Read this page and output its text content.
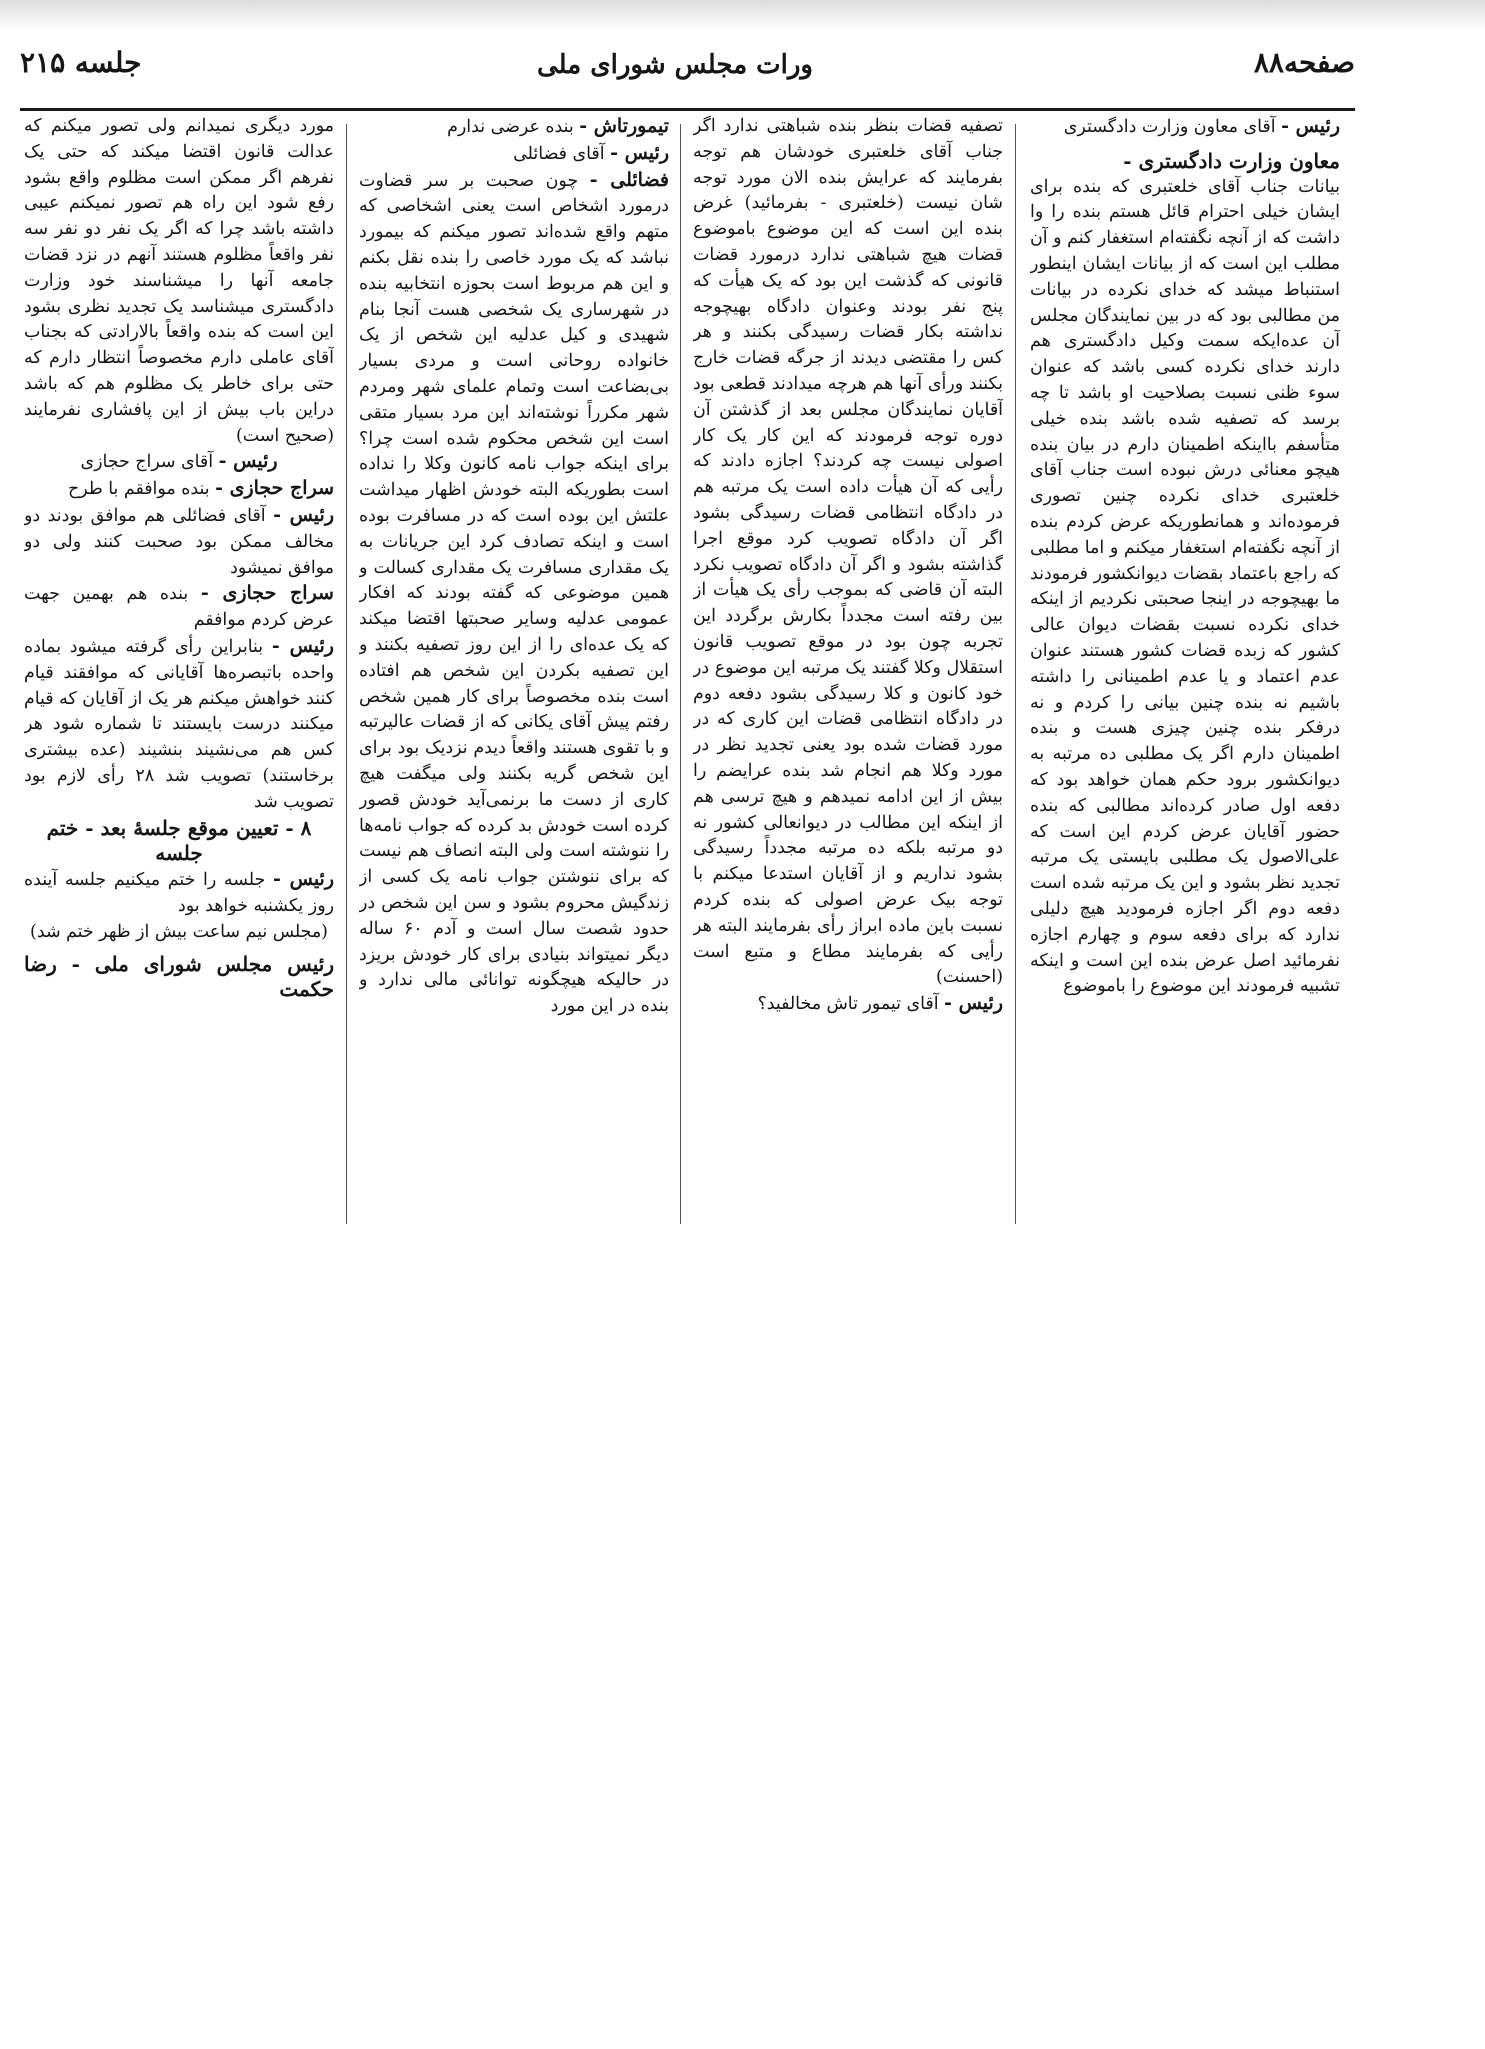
صفحه۸۸
ورات مجلس شورای ملی
جلسه ۲۱۵
رئیس - آقای معاون وزارت دادگستری
معاون وزارت دادگستری -
بیانات جناب آقای خلعتبری که بنده برای ایشان خیلی احترام قائل هستم بنده را وا داشت که از آنچه نگفته‌ام استغفار کنم و آن مطلب این است که از بیانات ایشان اینطور استنباط میشد که خدای نکرده در بیانات من مطالبی بود که در بین نمایندگان مجلس آن عده‌ایکه سمت وکیل دادگستری هم دارند خدای نکرده کسی باشد که عنوان سوء ظنی نسبت بصلاحیت او باشد تا چه برسد که تصفیه شده باشد بنده خیلی متأسفم بااینکه اطمینان دارم در بیان بنده هیچو معنائی درش نبوده است جناب آقای خلعتبری خدای نکرده چنین تصوری فرموده‌اند و همانطوریکه عرض کردم بنده از آنچه نگفته‌ام استغفار میکنم و اما مطلبی که راجع باعتماد بقضات دیوانکشور فرمودند ما بهیچوجه در اینجا صحبتی نکردیم از اینکه خدای نکرده نسبت بقضات دیوان عالی کشور که زبده قضات کشور هستند عنوان عدم اعتماد و یا عدم اطمینانی را داشته باشیم نه بنده چنین بیانی را کردم و نه درفکر بنده چنین چیزی هست و بنده اطمینان دارم اگر یک مطلبی ده مرتبه به دیوانکشور برود حکم همان خواهد بود که دفعه اول صادر کرده‌اند مطالبی که بنده حضور آقایان عرض کردم این است که علی‌الاصول یک مطلبی بایستی یک مرتبه تجدید نظر بشود و این یک مرتبه شده است دفعه دوم اگر اجازه فرمودید هیچ دلیلی ندارد که برای دفعه سوم و چهارم اجازه نفرمائید اصل عرض بنده این است و اینکه تشبیه فرمودند این موضوع را باموضوع
تصفیه قضات بنظر بنده شباهتی ندارد اگر جناب آقای خلعتبری خودشان هم توجه بفرمایند که عرایش بنده الان مورد توجه شان نیست (خلعتبری - بفرمائید) غرض بنده این است که این موضوع باموضوع قضات هیچ شباهتی ندارد درمورد قضات قانونی که گذشت این بود که یک هیأت که پنج نفر بودند وعنوان دادگاه بهیچوجه نداشته بکار قضات رسیدگی بکنند و هر کس را مقتضی دیدند از جرگه قضات خارج بکنند ورأی آنها هم هرچه میدادند قطعی بود آقایان نمایندگان مجلس بعد از گذشتن آن دوره توجه فرمودند که این کار یک کار اصولی نیست چه کردند؟ اجازه دادند که رأیی که آن هیأت داده است یک مرتبه هم در دادگاه انتظامی قضات رسیدگی بشود اگر آن دادگاه تصویب کرد موقع اجرا گذاشته بشود و اگر آن دادگاه تصویب نکرد البته آن قاضی که بموجب رأی یک هیأت از بین رفته است مجدداً بکارش برگردد این تجربه چون بود در موقع تصویب قانون استقلال وکلا گفتند یک مرتبه این موضوع در خود کانون و کلا رسیدگی بشود دفعه دوم در دادگاه انتظامی قضات این کاری که در مورد قضات شده بود یعنی تجدید نظر در مورد وکلا هم انجام شد بنده عرایضم را بیش از این ادامه نمیدهم و هیچ ترسی هم از اینکه این مطالب در دیوانعالی کشور نه دو مرتبه بلکه ده مرتبه مجدداً رسیدگی بشود نداریم و از آقایان استدعا میکنم با توجه بیک عرض اصولی که بنده کردم نسبت باین ماده ابراز رأی بفرمایند البته هر رأیی که بفرمایند مطاع و متبع است (احسنت)
رئیس - آقای تیمور تاش مخالفید؟
تیمورتاش - بنده عرضی ندارم
رئیس - آقای فضائلی
فضائلی - چون صحبت بر سر قضاوت درمورد اشخاص است یعنی اشخاصی که متهم واقع شده‌اند تصور میکنم که بیمورد نباشد که یک مورد خاصی را بنده نقل بکنم و این هم مربوط است بحوزه انتخابیه بنده در شهرساری یک شخصی هست آنجا بنام شهیدی و کیل عدلیه این شخص از یک خانواده روحانی است و مردی بسیار بی‌بضاعت است وتمام علمای شهر ومردم شهر مکرراً نوشته‌اند این مرد بسیار متقی است این شخص محکوم شده است چرا؟ برای اینکه جواب نامه کانون وکلا را نداده است بطوریکه البته خودش اظهار میداشت علتش این بوده است که در مسافرت بوده است و اینکه تصادف کرد این جریانات به یک مقداری مسافرت یک مقداری کسالت و همین موضوعی که گفته بودند که افکار عمومی عدلیه وسایر صحبتها اقتضا میکند که یک عده‌ای را از این روز تصفیه بکنند و این تصفیه بکردن این شخص هم افتاده است بنده مخصوصاً برای کار همین شخص رفتم پیش آقای یکانی که از قضات عالیرتبه و با تقوی هستند واقعاً دیدم نزدیک بود برای این شخص گریه بکنند ولی میگفت هیچ کاری از دست ما برنمی‌آید خودش قصور کرده است خودش بد کرده که جواب نامه‌ها را ننوشته است ولی البته انصاف هم نیست که برای ننوشتن جواب نامه یک کسی از زندگیش محروم بشود و سن این شخص در حدود شصت سال است و آدم ۶۰ ساله دیگر نمیتواند بنیادی برای کار خودش بریزد در حالیکه هیچگونه توانائی مالی ندارد و بنده در این مورد
مورد دیگری نمیدانم ولی تصور میکنم که عدالت قانون اقتضا میکند که حتی یک نفرهم اگر ممکن است مظلوم واقع بشود رفع شود این راه هم تصور نمیکنم عیبی داشته باشد چرا که اگر یک نفر دو نفر سه نفر واقعاً مظلوم هستند آنهم در نزد قضات جامعه آنها را میشناسند خود وزارت دادگستری میشناسد یک تجدید نظری بشود این است که بنده واقعاً بالارادتی که بجناب آقای عاملی دارم مخصوصاً انتظار دارم که حتی برای خاطر یک مظلوم هم که باشد دراین باب بیش از این پافشاری نفرمایند (صحیح است)
رئیس - آقای سراج حجازی
سراج حجازی - بنده موافقم با طرح
رئیس - آقای فضائلی هم موافق بودند دو مخالف ممکن بود صحبت کنند ولی دو موافق نمیشود
سراج حجازی - بنده هم بهمین جهت عرض کردم موافقم
رئیس - بنابراین رأی گرفته میشود بماده واحده باتبصره‌ها آقایانی که موافقند قیام کنند خواهش میکنم هر یک از آقایان که قیام میکنند درست بایستند تا شماره شود هر کس هم می‌نشیند بنشیند (عده بیشتری برخاستند) تصویب شد ۲۸ رأی لازم بود تصویب شد
۸ - تعیین موقع جلسهٔ بعد - ختم جلسه
رئیس - جلسه را ختم میکنیم جلسه آینده روز یکشنبه خواهد بود
(مجلس نیم ساعت بیش از ظهر ختم شد)
رئیس مجلس شورای ملی - رضا حکمت
